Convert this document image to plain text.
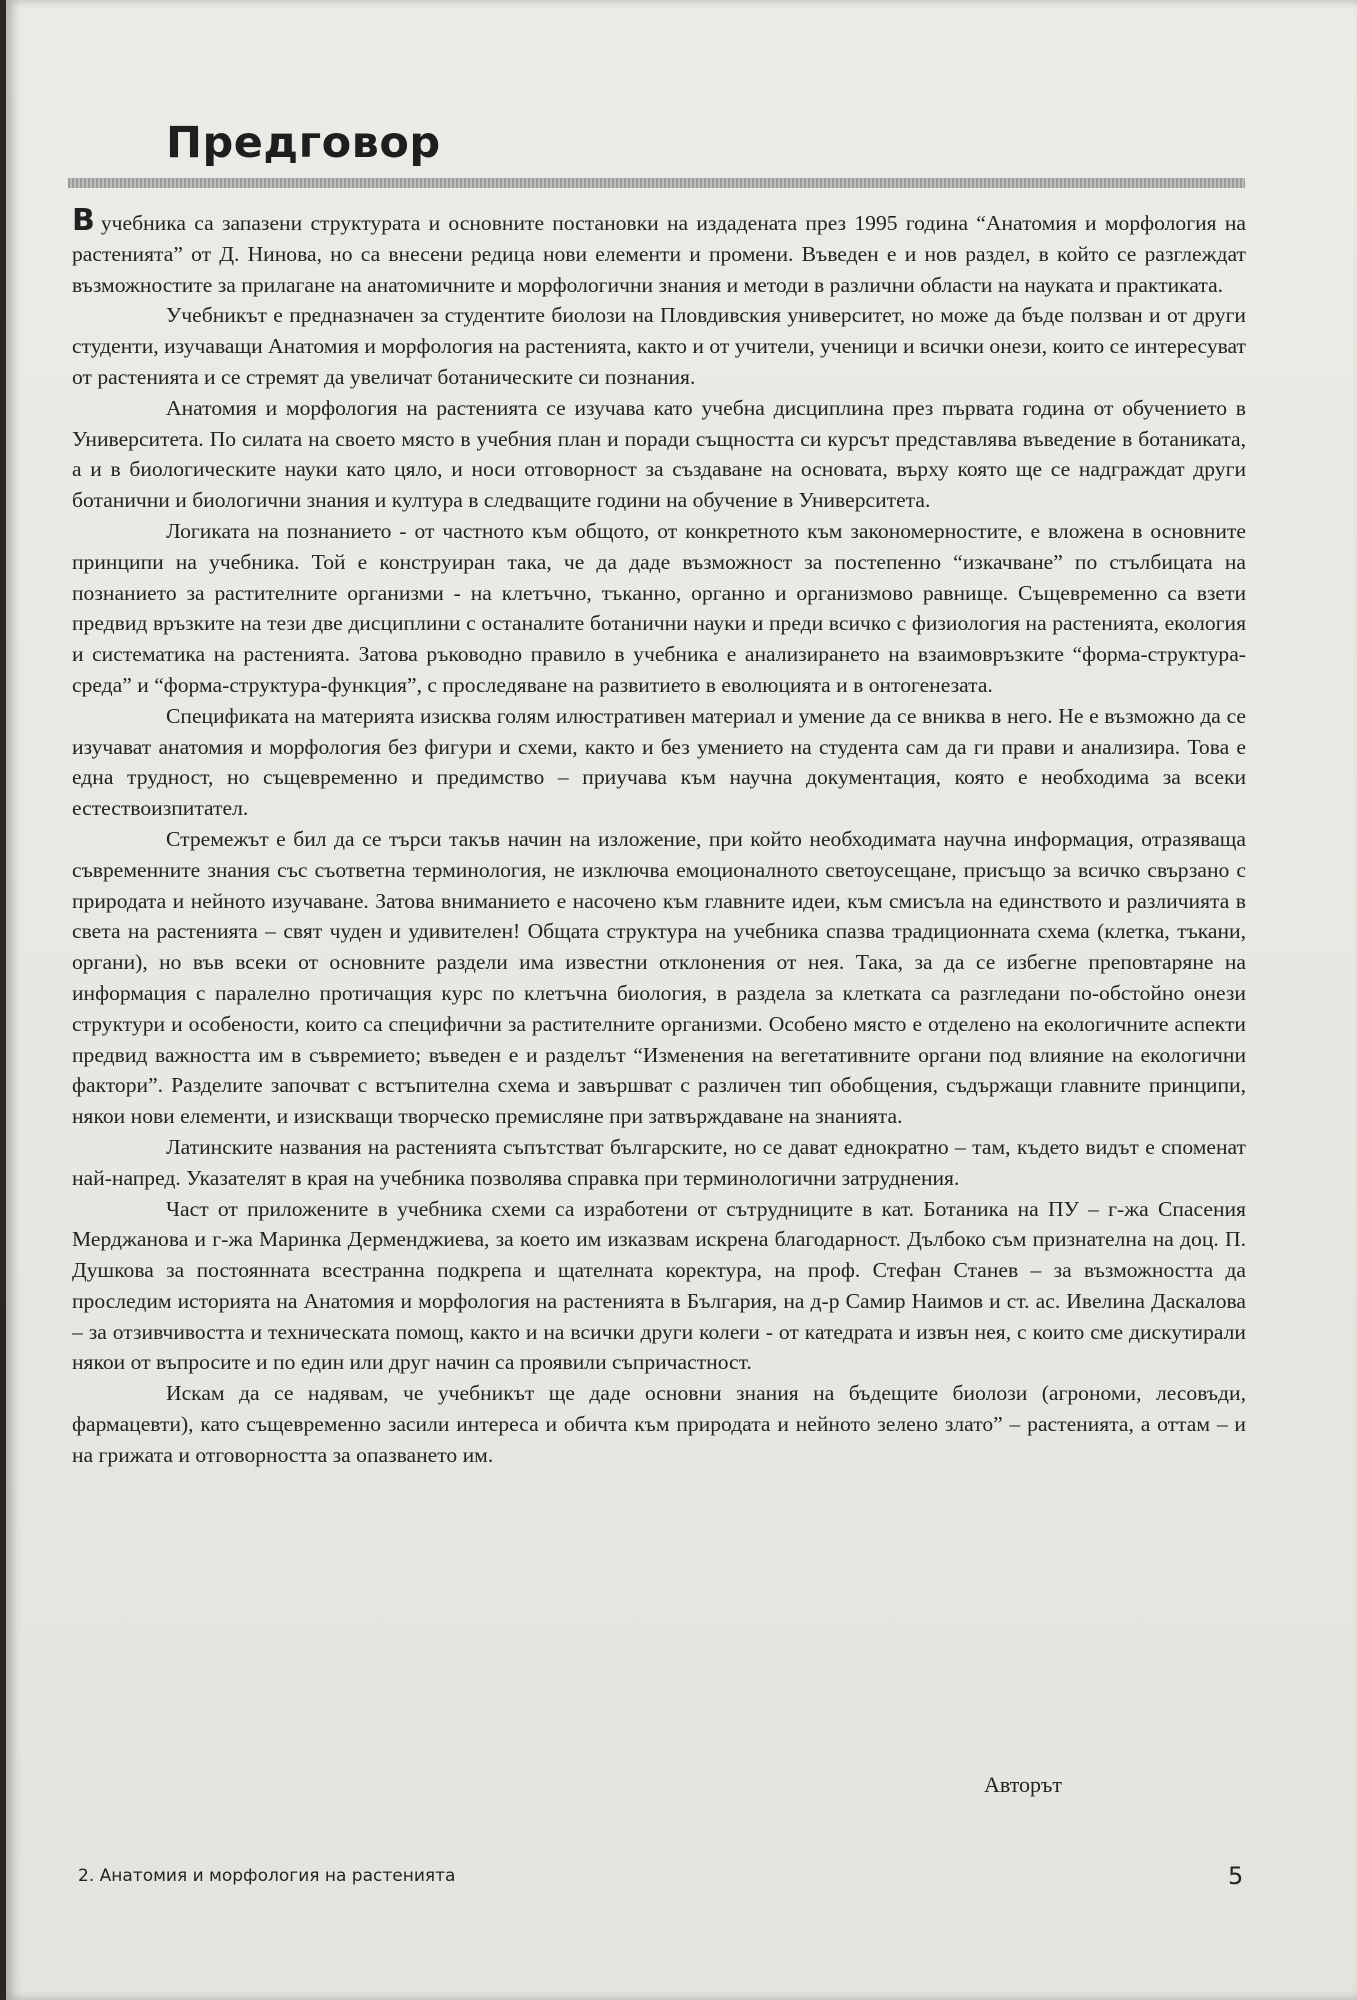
Предговор

В учебника са запазени структурата и основните постановки на издадената през 1995 година “Анатомия и морфология на растенията” от Д. Нинова, но са внесени редица нови елементи и промени. Въведен е и нов раздел, в който се разглеждат възможностите за прилагане на анатомичните и морфологични знания и методи в различни области на науката и практиката.

Учебникът е предназначен за студентите биолози на Пловдивския университет, но може да бъде ползван и от други студенти, изучаващи Анатомия и морфология на растенията, както и от учители, ученици и всички онези, които се интересуват от растенията и се стремят да увеличат ботаническите си познания.

Анатомия и морфология на растенията се изучава като учебна дисциплина през първата година от обучението в Университета. По силата на своето място в учебния план и поради същността си курсът представлява въведение в ботаниката, а и в биологическите науки като цяло, и носи отговорност за създаване на основата, върху която ще се надграждат други ботанични и биологични знания и култура в следващите години на обучение в Университета.

Логиката на познанието - от частното към общото, от конкретното към закономерностите, е вложена в основните принципи на учебника. Той е конструиран така, че да даде възможност за постепенно “изкачване” по стълбицата на познанието за растителните организми - на клетъчно, тъканно, органно и организмово равнище. Същевременно са взети предвид връзките на тези две дисциплини с останалите ботанични науки и преди всичко с физиология на растенията, екология и систематика на растенията. Затова ръководно правило в учебника е анализирането на взаимовръзките “форма-структура-среда” и “форма-структура-функция”, с проследяване на развитието в еволюцията и в онтогенезата.

Спецификата на материята изисква голям илюстративен материал и умение да се вниква в него. Не е възможно да се изучават анатомия и морфология без фигури и схеми, както и без умението на студента сам да ги прави и анализира. Това е една трудност, но същевременно и предимство – приучава към научна документация, която е необходима за всеки естествоизпитател.

Стремежът е бил да се търси такъв начин на изложение, при който необходимата научна информация, отразяваща съвременните знания със съответна терминология, не изключва емоционалното светоусещане, присъщо за всичко свързано с природата и нейното изучаване. Затова вниманието е насочено към главните идеи, към смисъла на единството и различията в света на растенията – свят чуден и удивителен! Общата структура на учебника спазва традиционната схема (клетка, тъкани, органи), но във всеки от основните раздели има известни отклонения от нея. Така, за да се избегне преповтаряне на информация с паралелно протичащия курс по клетъчна биология, в раздела за клетката са разгледани по-обстойно онези структури и особености, които са специфични за растителните организми. Особено място е отделено на екологичните аспекти предвид важността им в съвремието; въведен е и разделът “Изменения на вегетативните органи под влияние на екологични фактори”. Разделите започват с встъпителна схема и завършват с различен тип обобщения, съдържащи главните принципи, някои нови елементи, и изискващи творческо премисляне при затвърждаване на знанията.

Латинските названия на растенията съпътстват българските, но се дават еднократно – там, където видът е споменат най-напред. Указателят в края на учебника позволява справка при терминологични затруднения.

Част от приложените в учебника схеми са изработени от сътрудниците в кат. Ботаника на ПУ – г-жа Спасения Мерджанова и г-жа Маринка Дерменджиева, за което им изказвам искрена благодарност. Дълбоко съм признателна на доц. П. Душкова за постоянната всестранна подкрепа и щателната коректура, на проф. Стефан Станев – за възможността да проследим историята на Анатомия и морфология на растенията в България, на д-р Самир Наимов и ст. ас. Ивелина Даскалова – за отзивчивостта и техническата помощ, както и на всички други колеги - от катедрата и извън нея, с които сме дискутирали някои от въпросите и по един или друг начин са проявили съпричастност.

Искам да се надявам, че учебникът ще даде основни знания на бъдещите биолози (агрономи, лесовъди, фармацевти), като същевременно засили интереса и обичта към природата и нейното зелено злато” – растенията, а оттам – и на грижата и отговорността за опазването им.

Авторът

2. Анатомия и морфология на растенията	5
